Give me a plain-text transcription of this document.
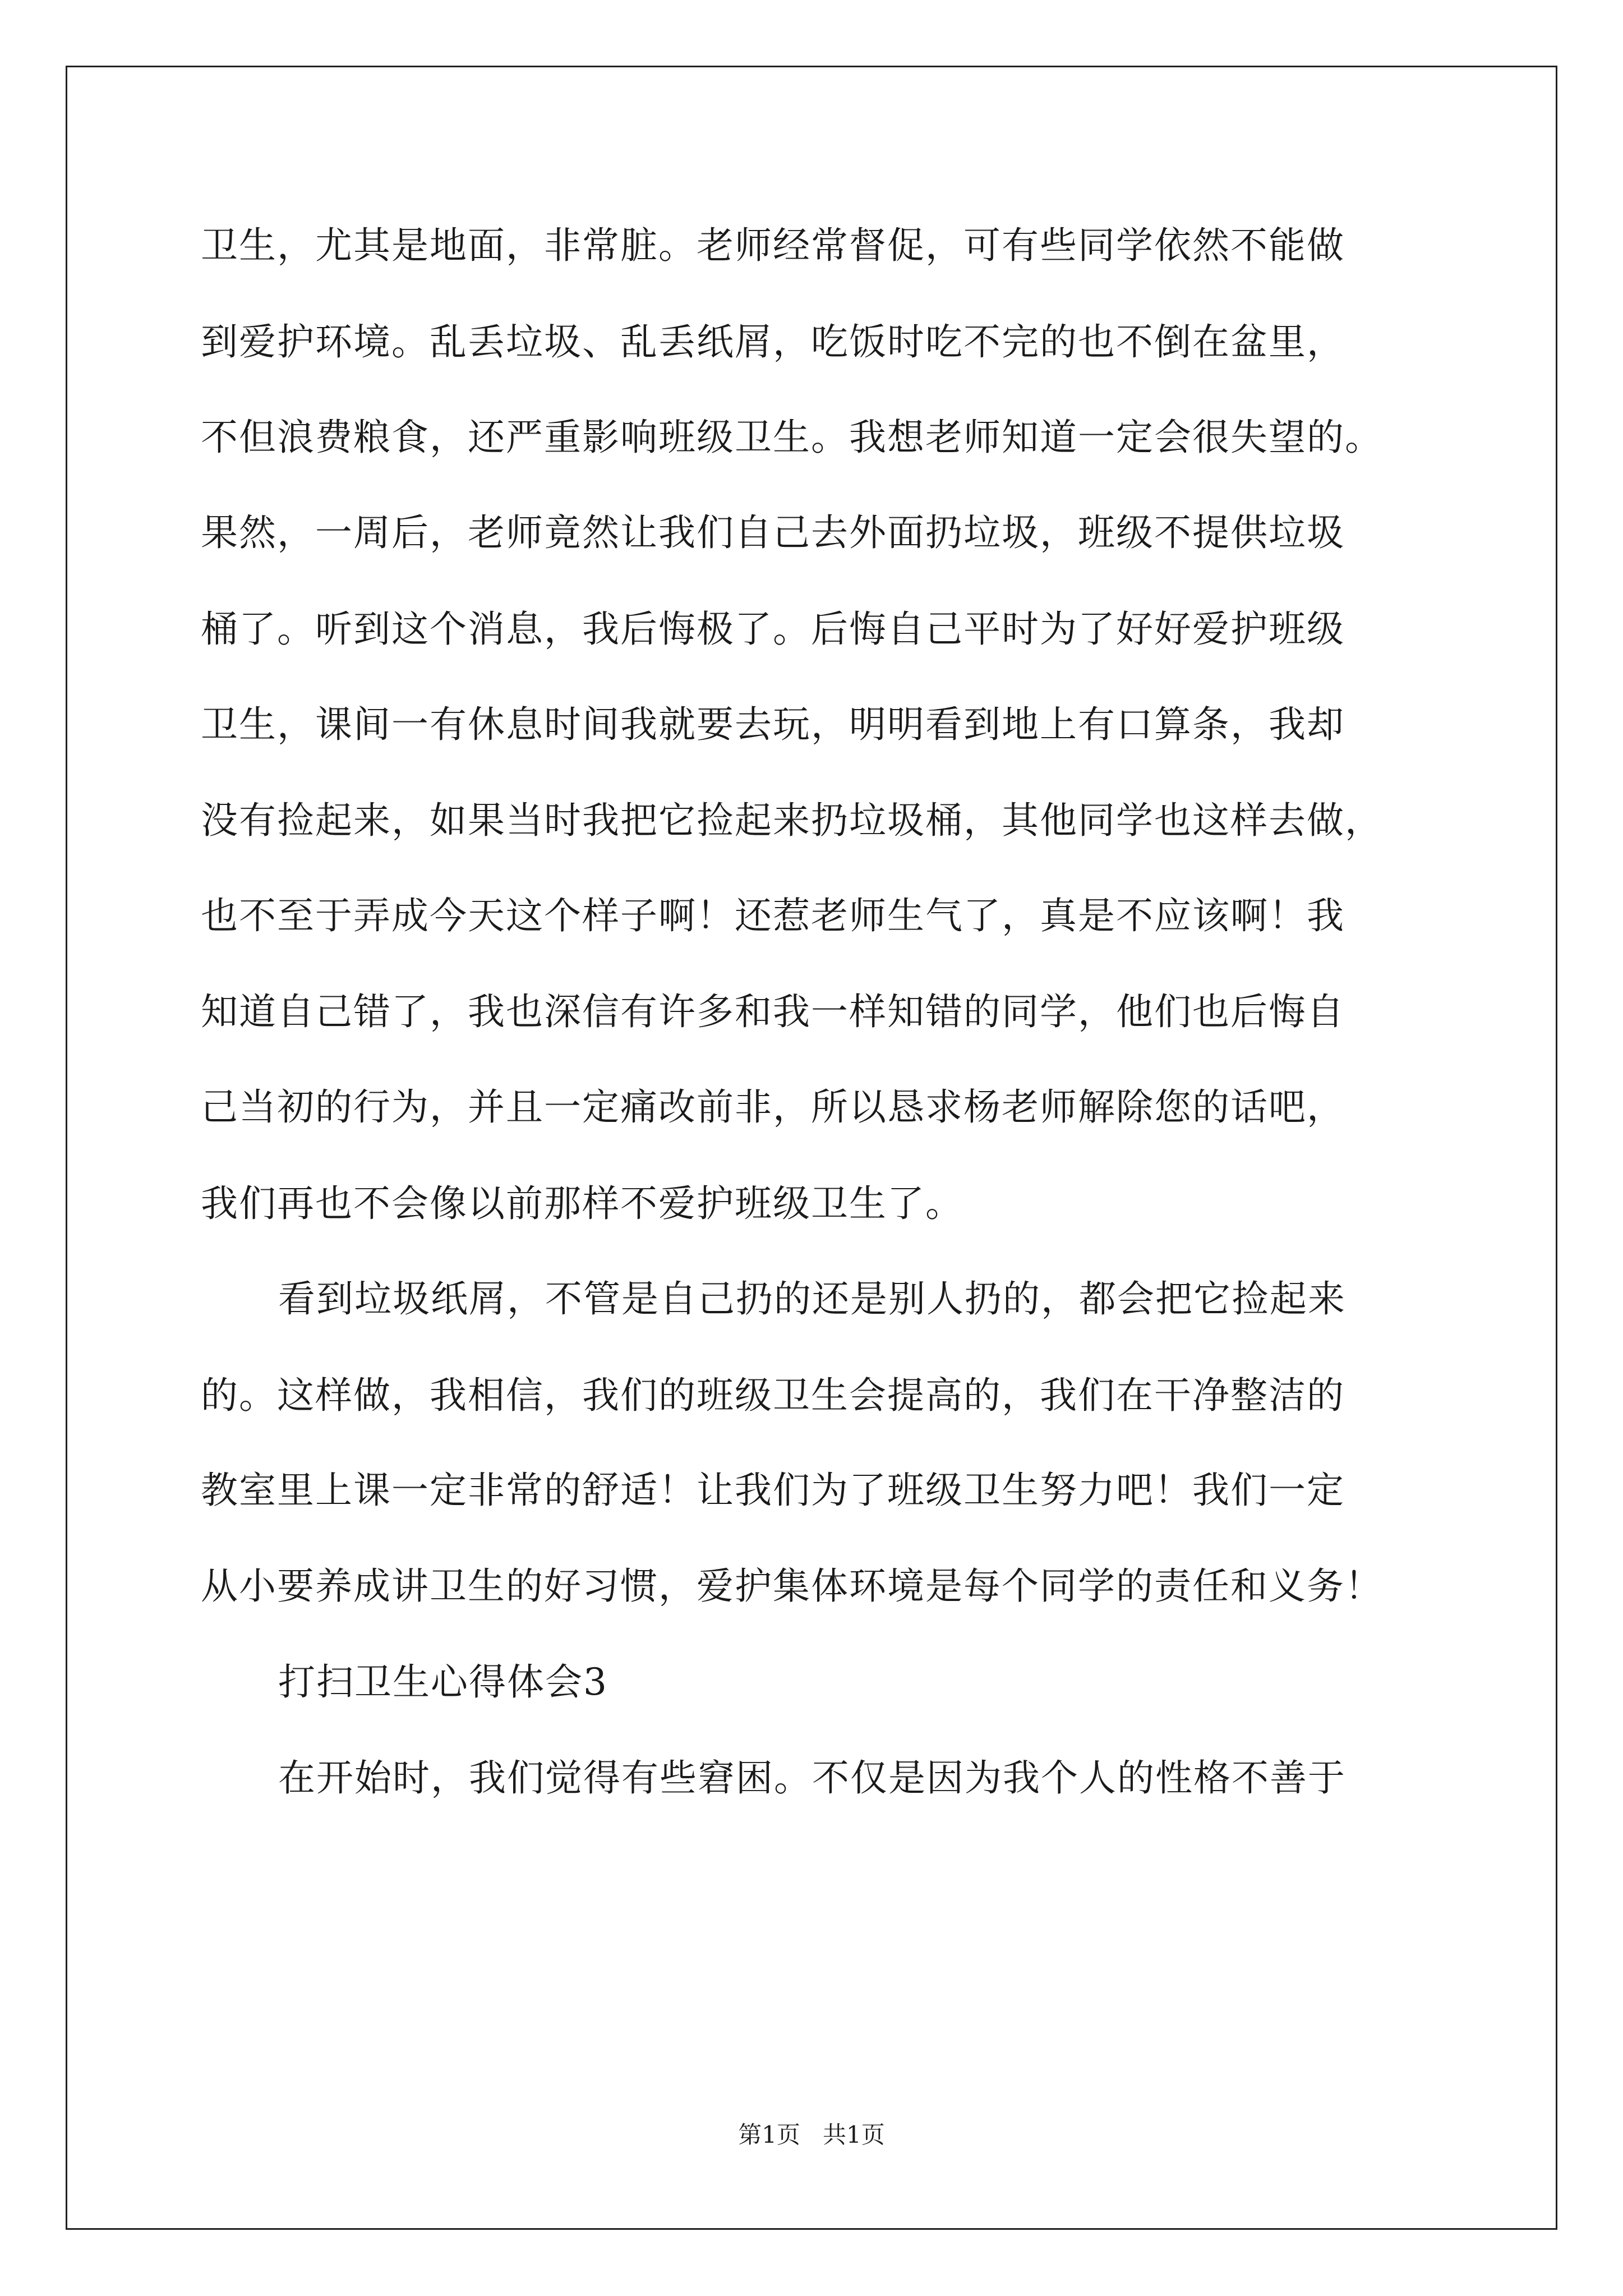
卫生，尤其是地面，非常脏。老师经常督促，可有些同学依然不能做
到爱护环境。乱丢垃圾、乱丢纸屑，吃饭时吃不完的也不倒在盆里，
不但浪费粮食，还严重影响班级卫生。我想老师知道一定会很失望的。
果然，一周后，老师竟然让我们自己去外面扔垃圾，班级不提供垃圾
桶了。听到这个消息，我后悔极了。后悔自己平时为了好好爱护班级
卫生，课间一有休息时间我就要去玩，明明看到地上有口算条，我却
没有捡起来，如果当时我把它捡起来扔垃圾桶，其他同学也这样去做，
也不至于弄成今天这个样子啊！还惹老师生气了，真是不应该啊！我
知道自己错了，我也深信有许多和我一样知错的同学，他们也后悔自
己当初的行为，并且一定痛改前非，所以恳求杨老师解除您的话吧，
我们再也不会像以前那样不爱护班级卫生了。
看到垃圾纸屑，不管是自己扔的还是别人扔的，都会把它捡起来
的。这样做，我相信，我们的班级卫生会提高的，我们在干净整洁的
教室里上课一定非常的舒适！让我们为了班级卫生努力吧！我们一定
从小要养成讲卫生的好习惯，爱护集体环境是每个同学的责任和义务！
打扫卫生心得体会3
在开始时，我们觉得有些窘困。不仅是因为我个人的性格不善于
第1页   共1页
